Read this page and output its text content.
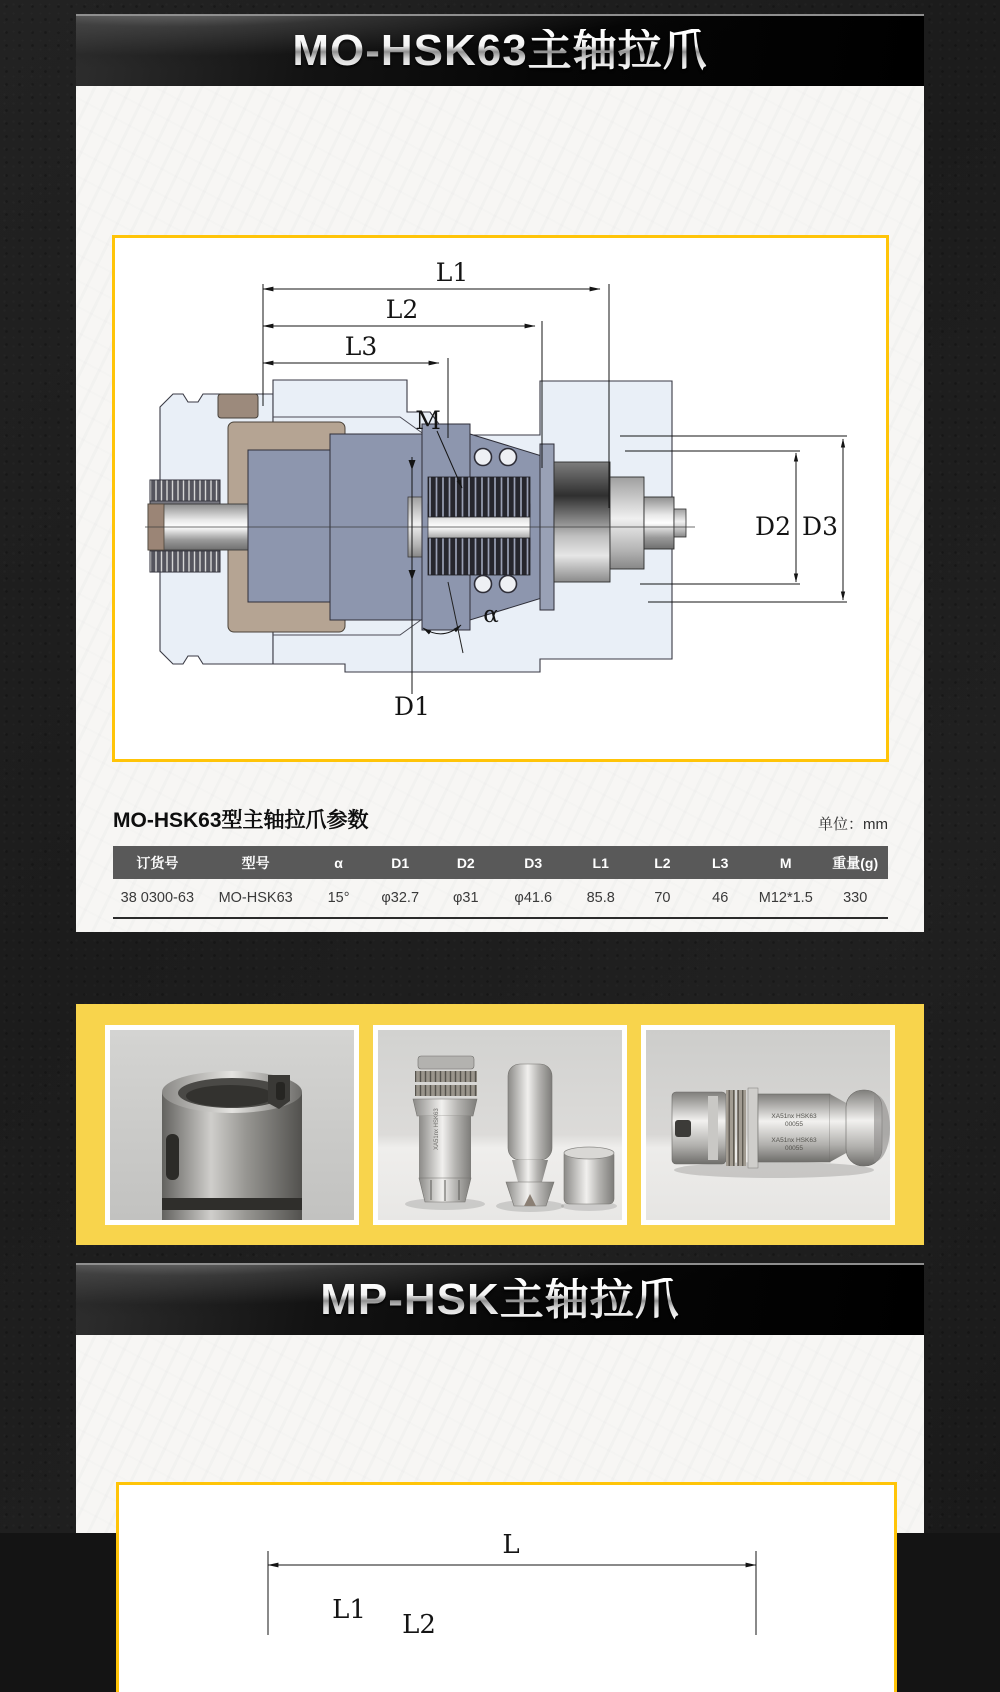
MO-HSK63主轴拉爪
L1
L2
L3
M
α
D1
D2 D3
MO-HSK63型主轴拉爪参数	单位：mm
订货号	型号	α	D1	D2	D3	L1	L2	L3	M	重量(g)
38 0300-63	MO-HSK63	15°	φ32.7	φ31	φ41.6	85.8	70	46	M12*1.5	330
XA51nx HSK63	XA51nx HSK63
00055
XA51nx HSK63
00055
MP-HSK主轴拉爪
L
L1 L2
